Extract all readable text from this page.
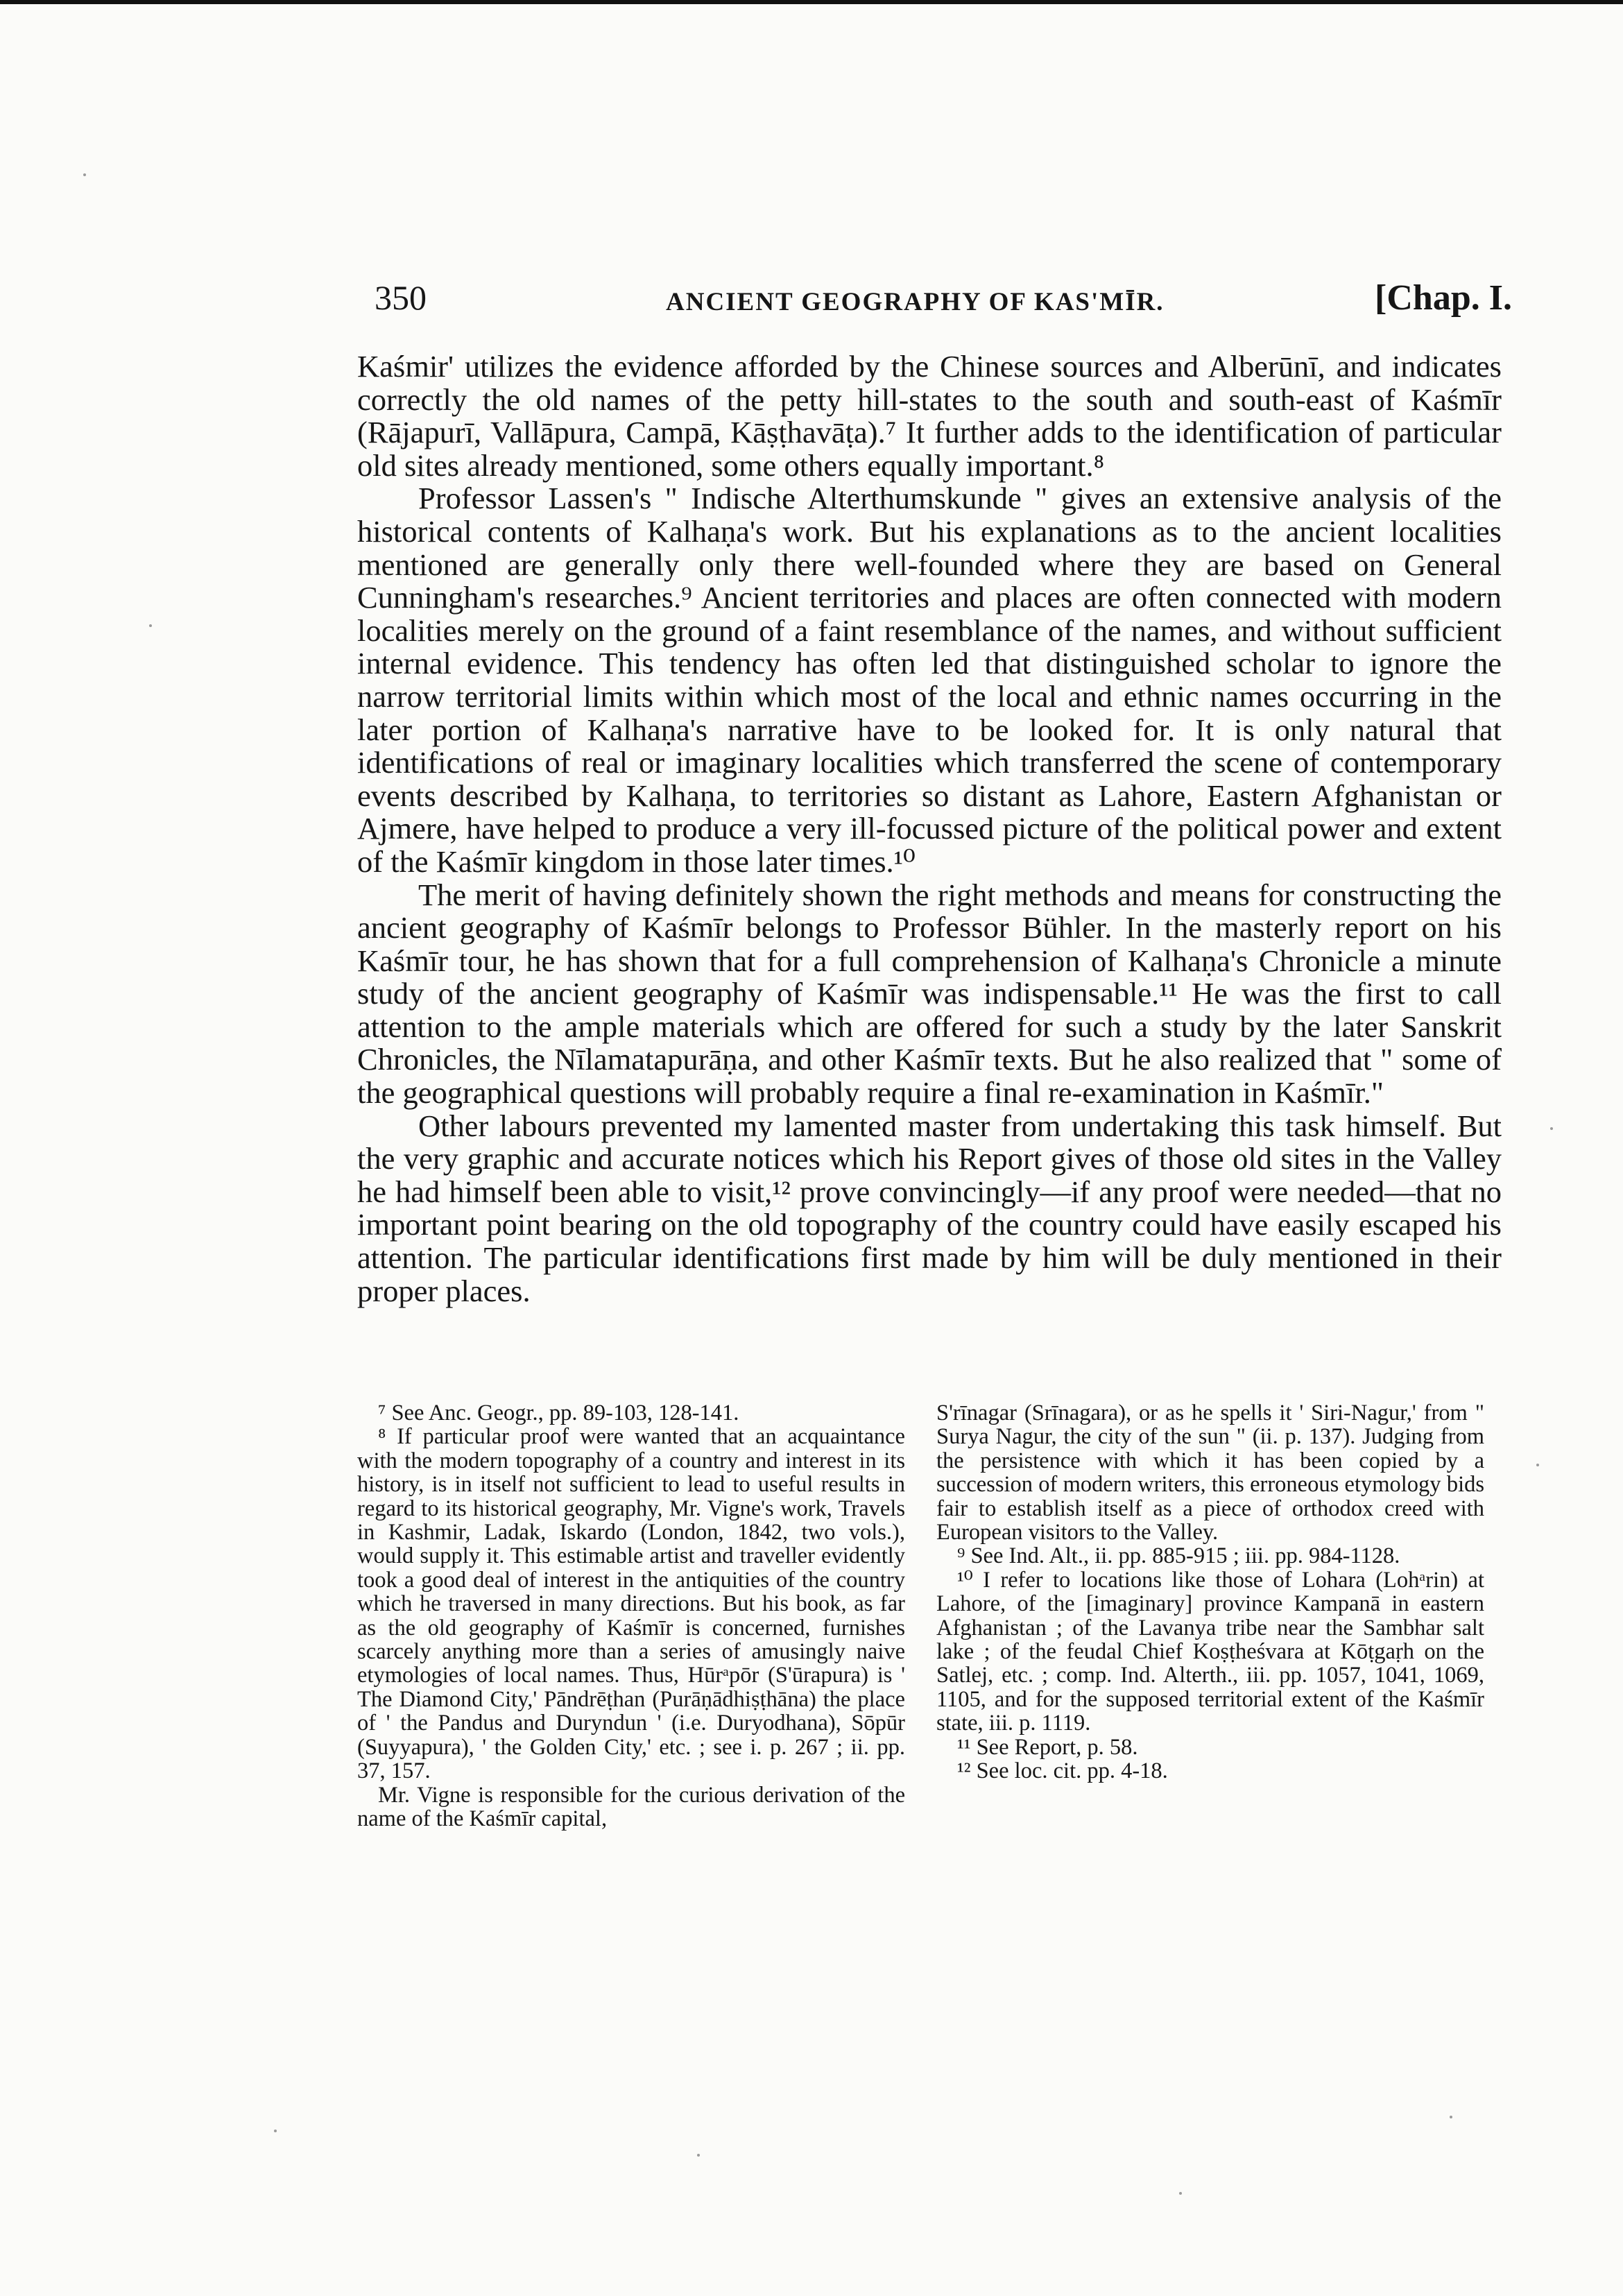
350	ANCIENT GEOGRAPHY OF KAS'MĪR.	[Chap. I.

Kaśmir' utilizes the evidence afforded by the Chinese sources and Alberūnī, and indicates correctly the old names of the petty hill-states to the south and south-east of Kaśmīr (Rājapurī, Vallāpura, Campā, Kāṣṭhavāṭa).⁷ It further adds to the identification of particular old sites already mentioned, some others equally important.⁸

Professor Lassen's " Indische Alterthumskunde " gives an extensive analysis of the historical contents of Kalhaṇa's work. But his explanations as to the ancient localities mentioned are generally only there well-founded where they are based on General Cunningham's researches.⁹ Ancient territories and places are often connected with modern localities merely on the ground of a faint resemblance of the names, and without sufficient internal evidence. This tendency has often led that distinguished scholar to ignore the narrow territorial limits within which most of the local and ethnic names occurring in the later portion of Kalhaṇa's narrative have to be looked for. It is only natural that identifications of real or imaginary localities which transferred the scene of contemporary events described by Kalhaṇa, to territories so distant as Lahore, Eastern Afghanistan or Ajmere, have helped to produce a very ill-focussed picture of the political power and extent of the Kaśmīr kingdom in those later times.¹⁰

The merit of having definitely shown the right methods and means for constructing the ancient geography of Kaśmīr belongs to Professor Bühler. In the masterly report on his Kaśmīr tour, he has shown that for a full comprehension of Kalhaṇa's Chronicle a minute study of the ancient geography of Kaśmīr was indispensable.¹¹ He was the first to call attention to the ample materials which are offered for such a study by the later Sanskrit Chronicles, the Nīlamatapurāṇa, and other Kaśmīr texts. But he also realized that " some of the geographical questions will probably require a final re-examination in Kaśmīr."

Other labours prevented my lamented master from undertaking this task himself. But the very graphic and accurate notices which his Report gives of those old sites in the Valley he had himself been able to visit,¹² prove convincingly—if any proof were needed—that no important point bearing on the old topography of the country could have easily escaped his attention. The particular identifications first made by him will be duly mentioned in their proper places.

⁷ See Anc. Geogr., pp. 89-103, 128-141.

⁸ If particular proof were wanted that an acquaintance with the modern topography of a country and interest in its history, is in itself not sufficient to lead to useful results in regard to its historical geography, Mr. Vigne's work, Travels in Kashmir, Ladak, Iskardo (London, 1842, two vols.), would supply it. This estimable artist and traveller evidently took a good deal of interest in the antiquities of the country which he traversed in many directions. But his book, as far as the old geography of Kaśmīr is concerned, furnishes scarcely anything more than a series of amusingly naive etymologies of local names. Thus, Hūrᵃpōr (S'ūrapura) is ' The Diamond City,' Pāndrēṭhan (Purāṇādhiṣṭhāna) the place of ' the Pandus and Duryndun ' (i.e. Duryodhana), Sōpūr (Suyyapura), ' the Golden City,' etc. ; see i. p. 267 ; ii. pp. 37, 157.

Mr. Vigne is responsible for the curious derivation of the name of the Kaśmīr capital,

S'rīnagar (Srīnagara), or as he spells it ' Siri-Nagur,' from " Surya Nagur, the city of the sun " (ii. p. 137). Judging from the persistence with which it has been copied by a succession of modern writers, this erroneous etymology bids fair to establish itself as a piece of orthodox creed with European visitors to the Valley.

⁹ See Ind. Alt., ii. pp. 885-915 ; iii. pp. 984-1128.

¹⁰ I refer to locations like those of Lohara (Lohᵃrin) at Lahore, of the [imaginary] province Kampanā in eastern Afghanistan ; of the Lavanya tribe near the Sambhar salt lake ; of the feudal Chief Koṣṭheśvara at Kōṭgaṛh on the Satlej, etc. ; comp. Ind. Alterth., iii. pp. 1057, 1041, 1069, 1105, and for the supposed territorial extent of the Kaśmīr state, iii. p. 1119.

¹¹ See Report, p. 58.

¹² See loc. cit. pp. 4-18.
